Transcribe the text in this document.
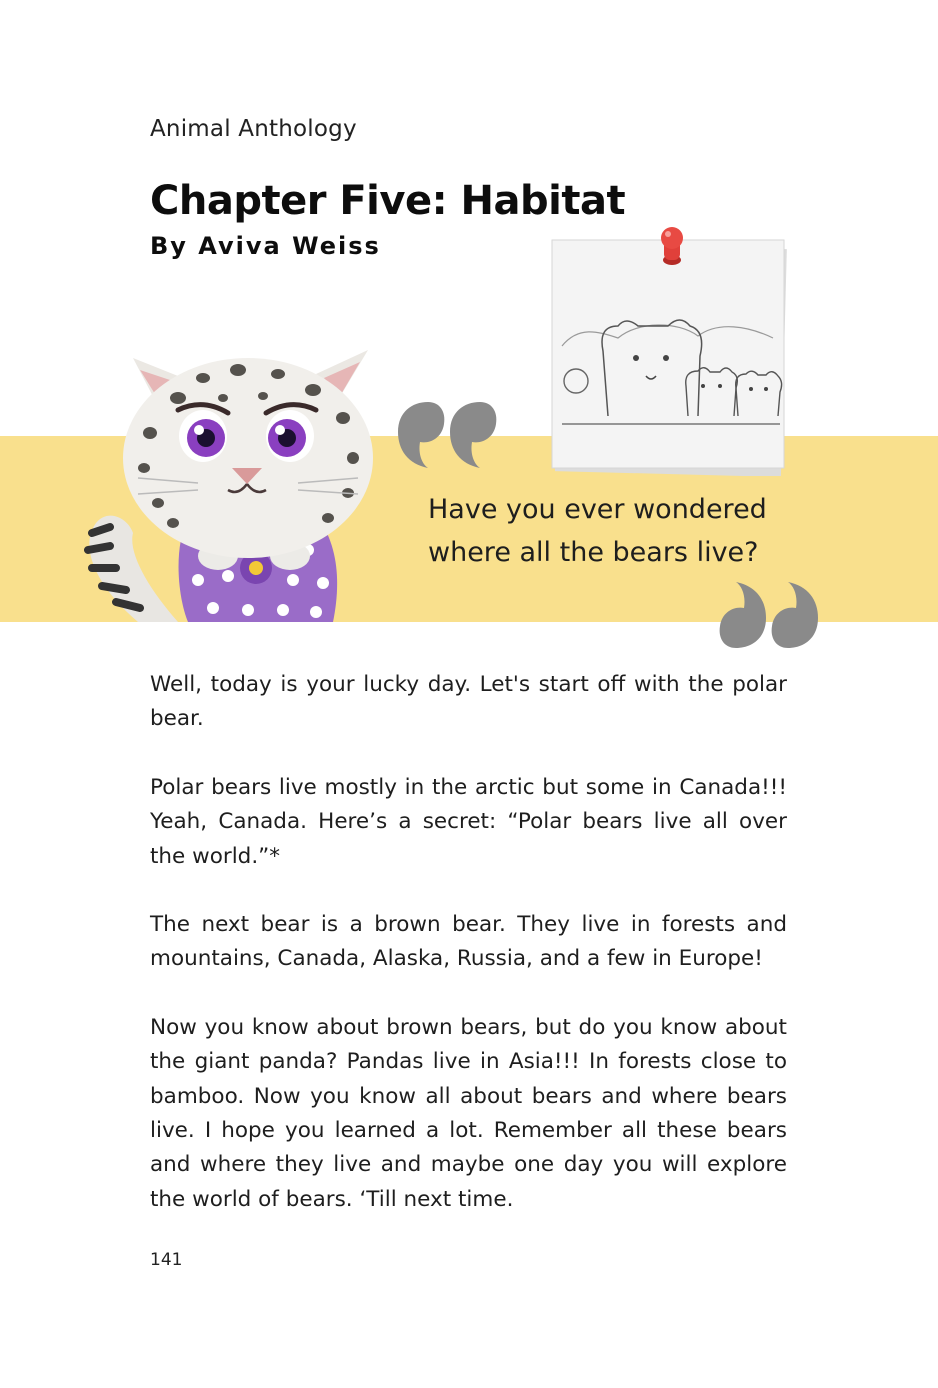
Animal Anthology
Chapter Five: Habitat
By Aviva Weiss
Have you ever wondered where all the bears live?

Well, today is your lucky day. Let's start off with the polar bear.

Polar bears live mostly in the arctic but some in Canada!!! Yeah, Canada. Here’s a secret: “Polar bears live all over the world.”*

The next bear is a brown bear. They live in forests and mountains, Canada, Alaska, Russia, and a few in Europe!

Now you know about brown bears, but do you know about the giant panda? Pandas live in Asia!!! In forests close to bamboo. Now you know all about bears and where bears live. I hope you learned a lot. Remember all these bears and where they live and maybe one day you will explore the world of bears. ‘Till next time.

141
